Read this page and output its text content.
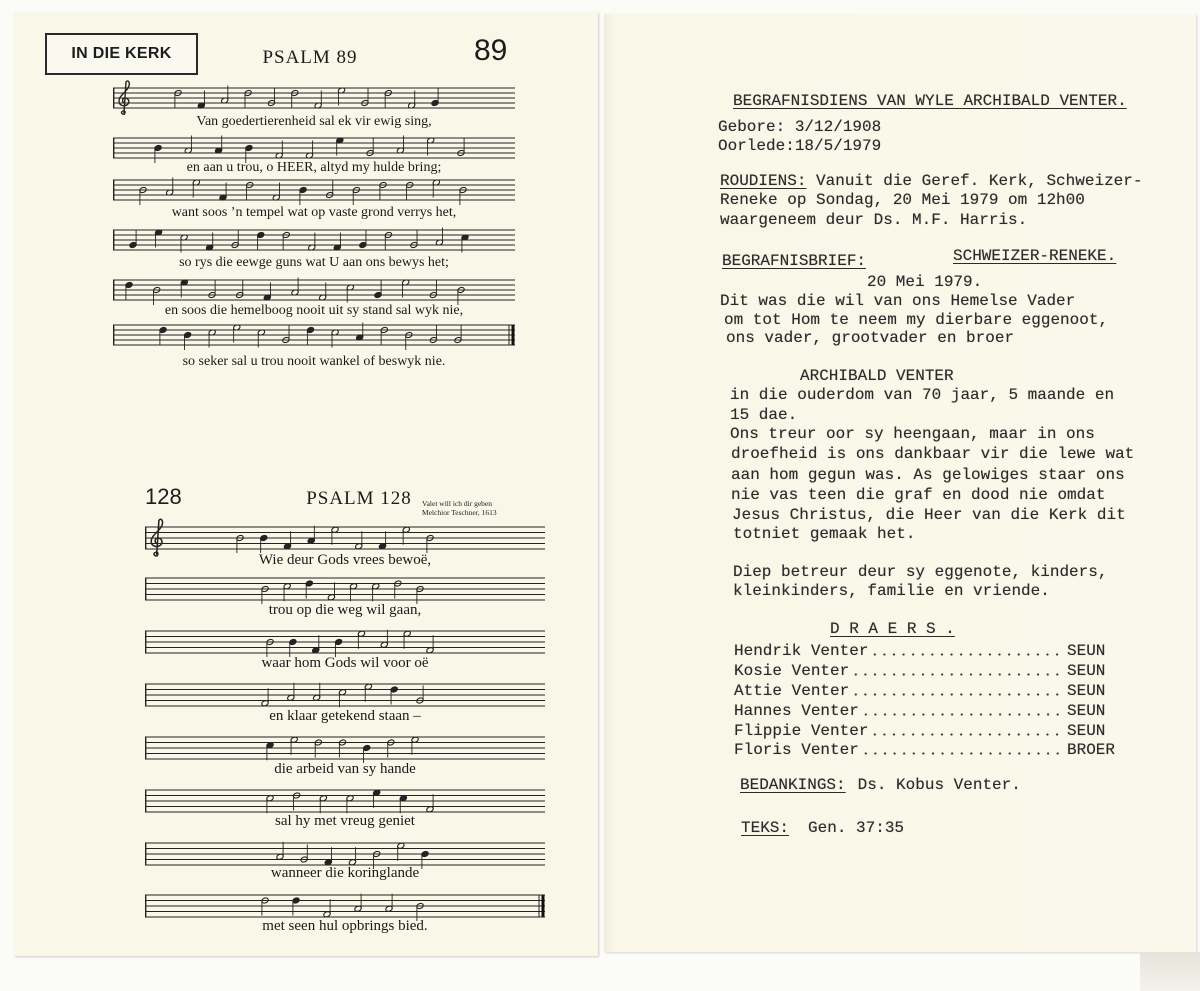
IN DIE KERK	PSALM 89	89
Van goedertierenheid sal ek vir ewig sing,
en aan u trou, o HEER, altyd my hulde bring;
want soos ’n tempel wat op vaste grond verrys het,
so rys die eewge guns wat U aan ons bewys het;
en soos die hemelboog nooit uit sy stand sal wyk nie,
so seker sal u trou nooit wankel of beswyk nie.
128	PSALM 128	Valet will ich dir geben
Melchior Teschner, 1613
Wie deur Gods vrees bewoë,
trou op die weg wil gaan,
waar hom Gods wil voor oë
en klaar getekend staan –
die arbeid van sy hande
sal hy met vreug geniet
wanneer die koringlande
met seen hul opbrings bied.
BEGRAFNISDIENS VAN WYLE ARCHIBALD VENTER.
Gebore: 3/12/1908
Oorlede:18/5/1979
ROUDIENS: Vanuit die Geref. Kerk, Schweizer-
Reneke op Sondag, 20 Mei 1979 om 12h00
waargeneem deur Ds. M.F. Harris.
BEGRAFNISBRIEF:	SCHWEIZER-RENEKE.
20 Mei 1979.
Dit was die wil van ons Hemelse Vader
om tot Hom te neem my dierbare eggenoot,
ons vader, grootvader en broer
ARCHIBALD VENTER
in die ouderdom van 70 jaar, 5 maande en
15 dae.
Ons treur oor sy heengaan, maar in ons
droefheid is ons dankbaar vir die lewe wat
aan hom gegun was. As gelowiges staar ons
nie vas teen die graf en dood nie omdat
Jesus Christus, die Heer van die Kerk dit
totniet gemaak het.
Diep betreur deur sy eggenote, kinders,
kleinkinders, familie en vriende.
D R A E R S .
Hendrik Venter	SEUN
Kosie Venter	SEUN
Attie Venter	SEUN
Hannes Venter	SEUN
Flippie Venter	SEUN
Floris Venter	BROER
BEDANKINGS: Ds. Kobus Venter.
TEKS: Gen. 37:35
